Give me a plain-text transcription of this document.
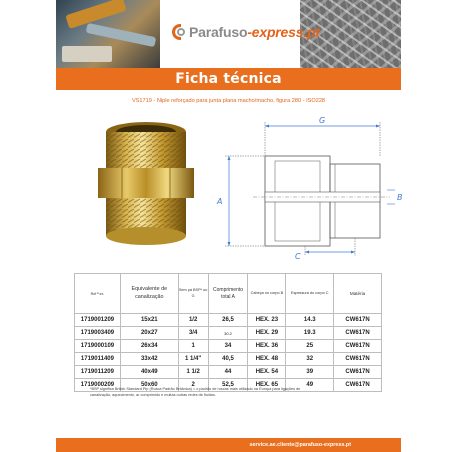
Parafuso-express.pt
Ficha técnica
VS1719 - Niple reforçado para junta plana macho/macho, figura 280 - ISO228
G
A	B
C
Ref ª ex.	Equivalente de canalização	Sem pá BSP* ou G	Comprimento total A	Cabeça no corpo B	Espessura do corpo C	Matéria
1719001209	15x21	1/2	26,5	HEX. 23	14.3	CW617N
1719003409	20x27	3/4	30.2	HEX. 29	19.3	CW617N
1719000109	26x34	1	34	HEX. 36	25	CW617N
1719011409	33x42	1 1/4"	40,5	HEX. 48	32	CW617N
1719011209	40x49	1 1/2	44	HEX. 54	39	CW617N
1719000209	50x60	2	52,5	HEX. 65	49	CW617N
*BSP significa British Standard Pip (Rosca Padrão Britânica) = o padrão de roscas mais utilizado na Europa para ligações de
canalização, aquecimento, ar comprimido e muitas outras redes de fluidos.
service.ae.cliente@parafuso-express.pt
